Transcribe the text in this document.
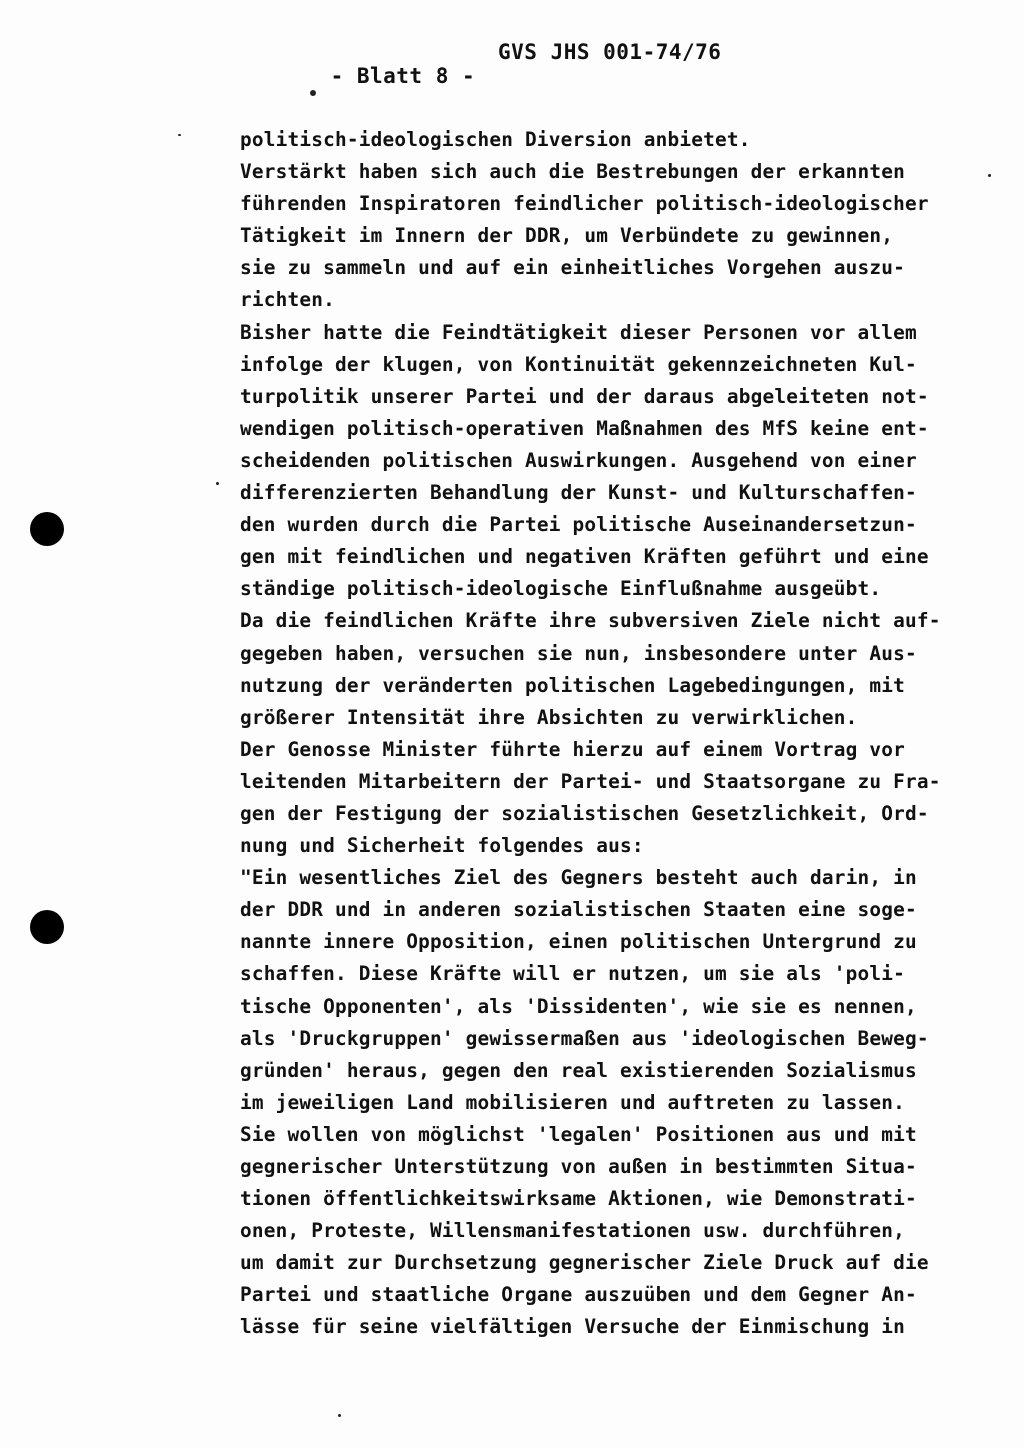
- Blatt 8 -

GVS JHS 001-74/76

politisch-ideologischen Diversion anbietet.
Verstärkt haben sich auch die Bestrebungen der erkannten
führenden Inspiratoren feindlicher politisch-ideologischer
Tätigkeit im Innern der DDR, um Verbündete zu gewinnen,
sie zu sammeln und auf ein einheitliches Vorgehen auszu-
richten.
Bisher hatte die Feindtätigkeit dieser Personen vor allem
infolge der klugen, von Kontinuität gekennzeichneten Kul-
turpolitik unserer Partei und der daraus abgeleiteten not-
wendigen politisch-operativen Maßnahmen des MfS keine ent-
scheidenden politischen Auswirkungen. Ausgehend von einer
differenzierten Behandlung der Kunst- und Kulturschaffen-
den wurden durch die Partei politische Auseinandersetzun-
gen mit feindlichen und negativen Kräften geführt und eine
ständige politisch-ideologische Einflußnahme ausgeübt.
Da die feindlichen Kräfte ihre subversiven Ziele nicht auf-
gegeben haben, versuchen sie nun, insbesondere unter Aus-
nutzung der veränderten politischen Lagebedingungen, mit
größerer Intensität ihre Absichten zu verwirklichen.
Der Genosse Minister führte hierzu auf einem Vortrag vor
leitenden Mitarbeitern der Partei- und Staatsorgane zu Fra-
gen der Festigung der sozialistischen Gesetzlichkeit, Ord-
nung und Sicherheit folgendes aus:
"Ein wesentliches Ziel des Gegners besteht auch darin, in
der DDR und in anderen sozialistischen Staaten eine soge-
nannte innere Opposition, einen politischen Untergrund zu
schaffen. Diese Kräfte will er nutzen, um sie als 'poli-
tische Opponenten', als 'Dissidenten', wie sie es nennen,
als 'Druckgruppen' gewissermaßen aus 'ideologischen Beweg-
gründen' heraus, gegen den real existierenden Sozialismus
im jeweiligen Land mobilisieren und auftreten zu lassen.
Sie wollen von möglichst 'legalen' Positionen aus und mit
gegnerischer Unterstützung von außen in bestimmten Situa-
tionen öffentlichkeitswirksame Aktionen, wie Demonstrati-
onen, Proteste, Willensmanifestationen usw. durchführen,
um damit zur Durchsetzung gegnerischer Ziele Druck auf die
Partei und staatliche Organe auszuüben und dem Gegner An-
lässe für seine vielfältigen Versuche der Einmischung in
